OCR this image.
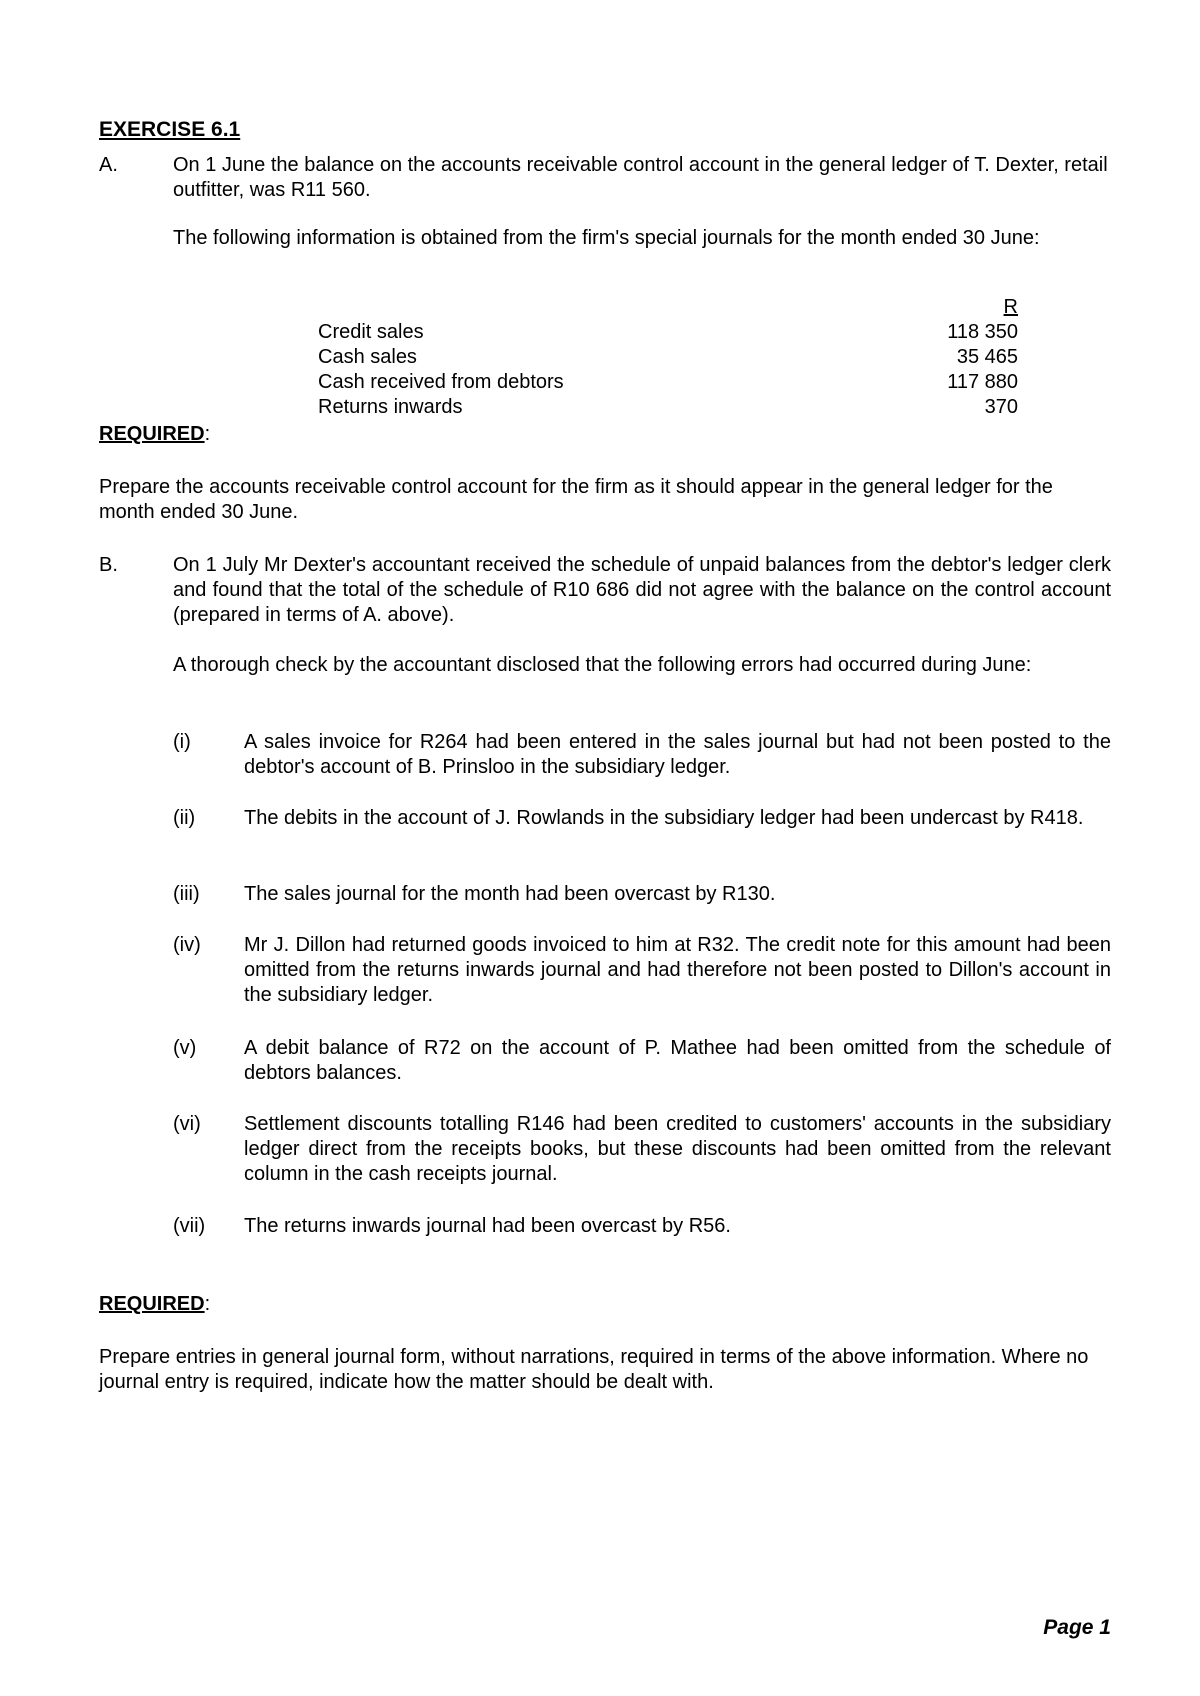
EXERCISE 6.1
A.	On 1 June the balance on the accounts receivable control account in the general ledger of T. Dexter, retail outfitter, was R11 560.

The following information is obtained from the firm's special journals for the month ended 30 June:

R
Credit sales	118 350
Cash sales	35 465
Cash received from debtors	117 880
Returns inwards	370
REQUIRED:

Prepare the accounts receivable control account for the firm as it should appear in the general ledger for the month ended 30 June.

B.	On 1 July Mr Dexter's accountant received the schedule of unpaid balances from the debtor's ledger clerk and found that the total of the schedule of R10 686 did not agree with the balance on the control account (prepared in terms of A. above).

A thorough check by the accountant disclosed that the following errors had occurred during June:

(i)	A sales invoice for R264 had been entered in the sales journal but had not been posted to the debtor's account of B. Prinsloo in the subsidiary ledger.

(ii) The debits in the account of J. Rowlands in the subsidiary ledger had been undercast by R418.

(iii) The sales journal for the month had been overcast by R130.

(iv) Mr J. Dillon had returned goods invoiced to him at R32. The credit note for this amount had been omitted from the returns inwards journal and had therefore not been posted to Dillon's account in the subsidiary ledger.

(v) A debit balance of R72 on the account of P. Mathee had been omitted from the schedule of debtors balances.

(vi) Settlement discounts totalling R146 had been credited to customers' accounts in the subsidiary ledger direct from the receipts books, but these discounts had been omitted from the relevant column in the cash receipts journal.

(vii) The returns inwards journal had been overcast by R56.

REQUIRED:

Prepare entries in general journal form, without narrations, required in terms of the above information. Where no journal entry is required, indicate how the matter should be dealt with.

Page 1
